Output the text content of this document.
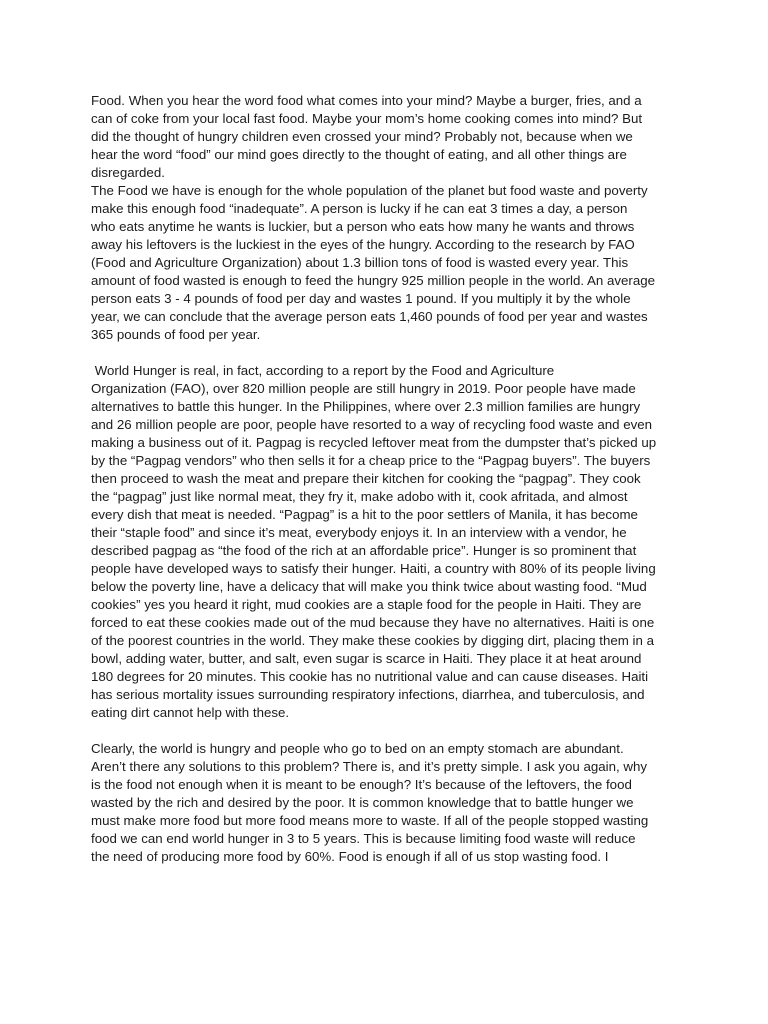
Food. When you hear the word food what comes into your mind? Maybe a burger, fries, and a
can of coke from your local fast food. Maybe your mom’s home cooking comes into mind? But
did the thought of hungry children even crossed your mind? Probably not, because when we
hear the word “food” our mind goes directly to the thought of eating, and all other things are
disregarded.
The Food we have is enough for the whole population of the planet but food waste and poverty
make this enough food “inadequate”. A person is lucky if he can eat 3 times a day, a person
who eats anytime he wants is luckier, but a person who eats how many he wants and throws
away his leftovers is the luckiest in the eyes of the hungry. According to the research by FAO
(Food and Agriculture Organization) about 1.3 billion tons of food is wasted every year. This
amount of food wasted is enough to feed the hungry 925 million people in the world. An average
person eats 3 - 4 pounds of food per day and wastes 1 pound. If you multiply it by the whole
year, we can conclude that the average person eats 1,460 pounds of food per year and wastes
365 pounds of food per year.
World Hunger is real, in fact, according to a report by the Food and Agriculture
Organization (FAO), over 820 million people are still hungry in 2019. Poor people have made
alternatives to battle this hunger. In the Philippines, where over 2.3 million families are hungry
and 26 million people are poor, people have resorted to a way of recycling food waste and even
making a business out of it. Pagpag is recycled leftover meat from the dumpster that’s picked up
by the “Pagpag vendors” who then sells it for a cheap price to the “Pagpag buyers”. The buyers
then proceed to wash the meat and prepare their kitchen for cooking the “pagpag”. They cook
the “pagpag” just like normal meat, they fry it, make adobo with it, cook afritada, and almost
every dish that meat is needed. “Pagpag” is a hit to the poor settlers of Manila, it has become
their “staple food” and since it’s meat, everybody enjoys it. In an interview with a vendor, he
described pagpag as “the food of the rich at an affordable price”. Hunger is so prominent that
people have developed ways to satisfy their hunger. Haiti, a country with 80% of its people living
below the poverty line, have a delicacy that will make you think twice about wasting food. “Mud
cookies” yes you heard it right, mud cookies are a staple food for the people in Haiti. They are
forced to eat these cookies made out of the mud because they have no alternatives. Haiti is one
of the poorest countries in the world. They make these cookies by digging dirt, placing them in a
bowl, adding water, butter, and salt, even sugar is scarce in Haiti. They place it at heat around
180 degrees for 20 minutes. This cookie has no nutritional value and can cause diseases. Haiti
has serious mortality issues surrounding respiratory infections, diarrhea, and tuberculosis, and
eating dirt cannot help with these.
Clearly, the world is hungry and people who go to bed on an empty stomach are abundant.
Aren’t there any solutions to this problem? There is, and it’s pretty simple. I ask you again, why
is the food not enough when it is meant to be enough? It’s because of the leftovers, the food
wasted by the rich and desired by the poor. It is common knowledge that to battle hunger we
must make more food but more food means more to waste. If all of the people stopped wasting
food we can end world hunger in 3 to 5 years. This is because limiting food waste will reduce
the need of producing more food by 60%. Food is enough if all of us stop wasting food. I
